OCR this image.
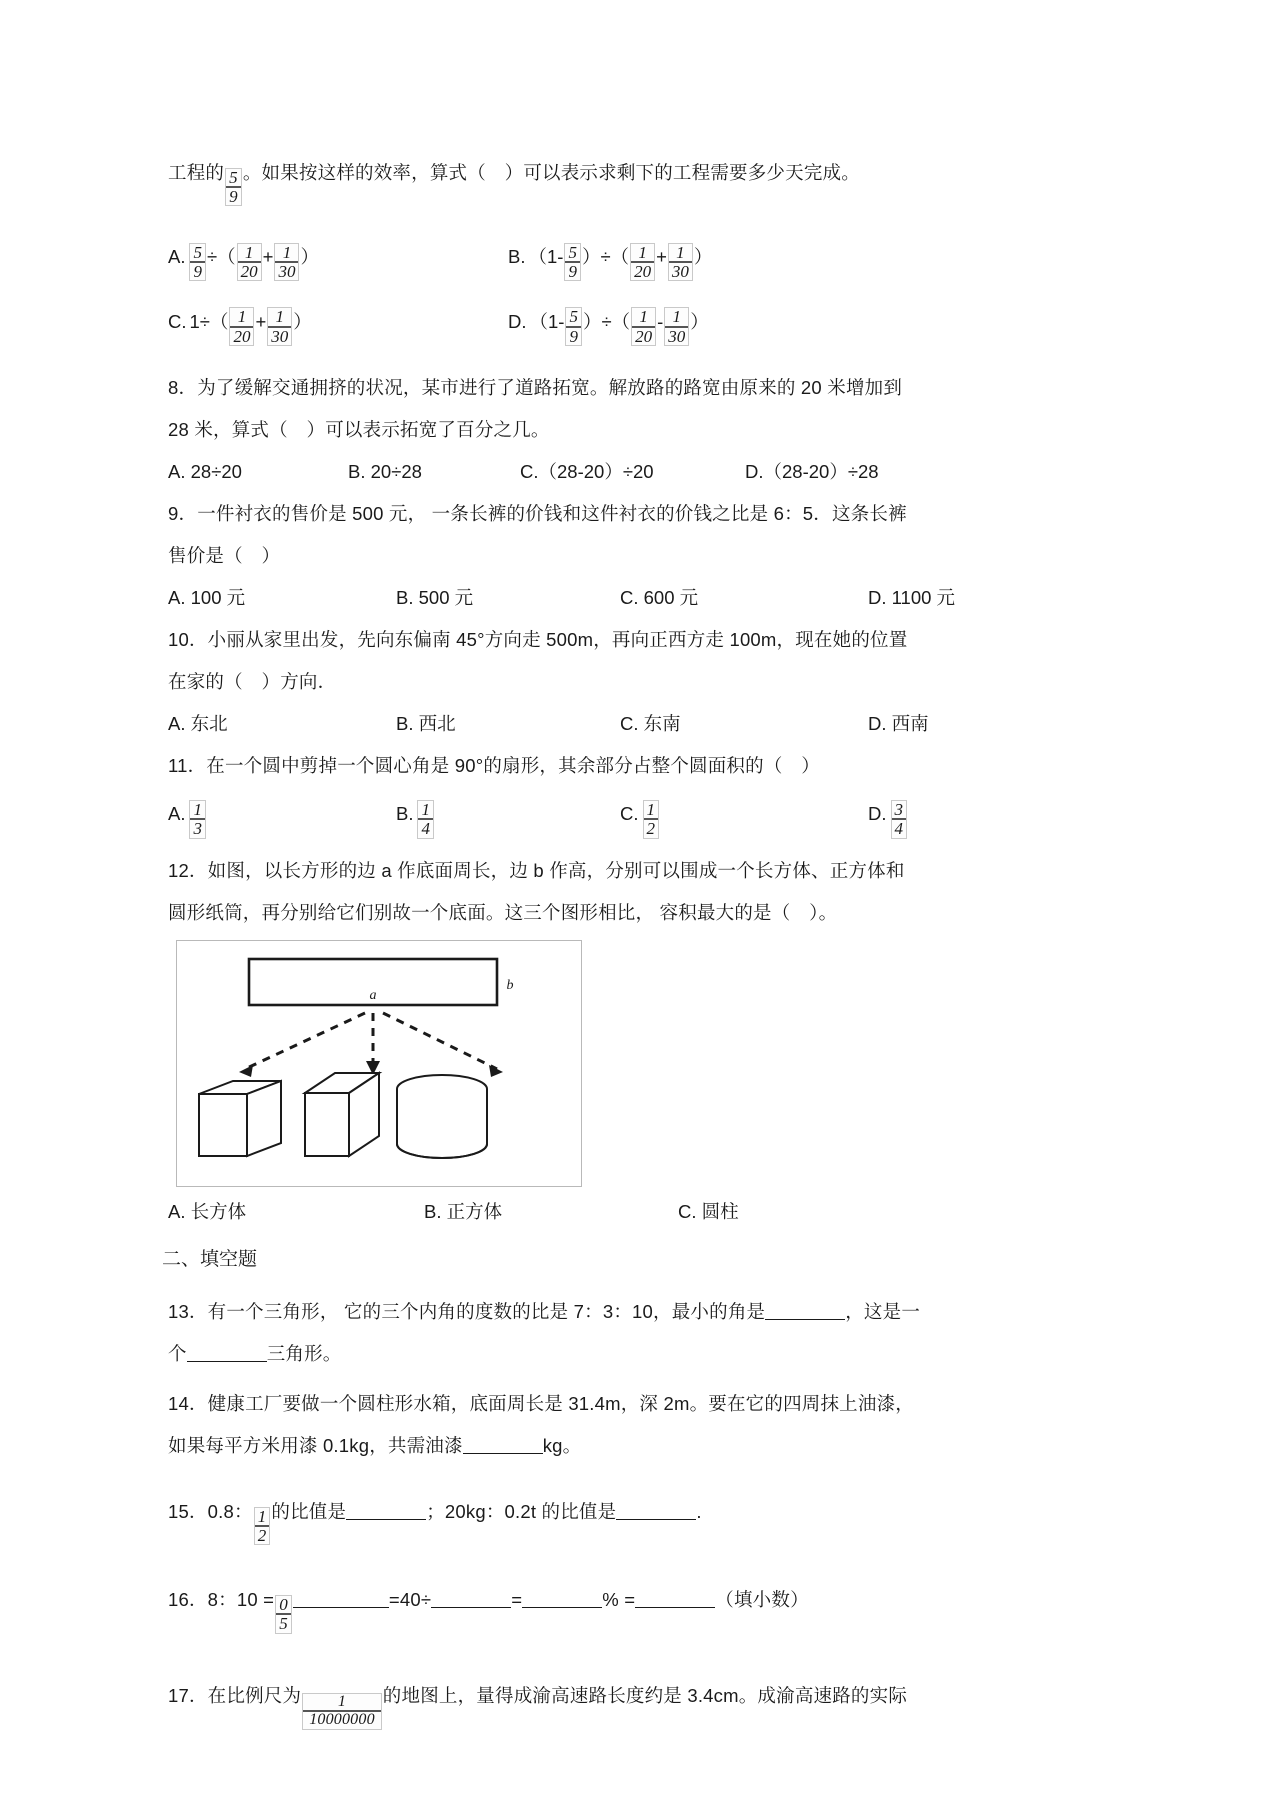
工程的 $\frac{5}{9}$ 。如果按这样的效率，算式（　）可以表示求剩下的工程需要多少天完成。
A. $\frac{5}{9}$ ÷（ $\frac{1}{20} + \frac{1}{30}$ ）	B. （$1- \frac{5}{9}$ ）÷（ $\frac{1}{20} + \frac{1}{30}$ ）
C. $1\div( \frac{1}{20} + \frac{1}{30}$ ）	D. （$1- \frac{5}{9}$ ）÷（ $\frac{1}{20} - \frac{1}{30}$ ）
8．为了缓解交通拥挤的状况，某市进行了道路拓宽。解放路的路宽由原来的 20 米增加到
28 米，算式（　）可以表示拓宽了百分之几。
A. 28÷20	B. 20÷28	C.（28-20）÷20	D.（28-20）÷28
9．一件衬衣的售价是 500 元， 一条长裤的价钱和这件衬衣的价钱之比是 6：5．这条长裤
售价是（　）
A. 100 元	B. 500 元	C. 600 元	D. 1100 元
10．小丽从家里出发，先向东偏南 45°方向走 500m，再向正西方走 100m，现在她的位置
在家的（　）方向．
A. 东北	B. 西北	C. 东南	D. 西南
11．在一个圆中剪掉一个圆心角是 90°的扇形，其余部分占整个圆面积的（　）
A. $\frac{1}{3}$	B. $\frac{1}{4}$	C. $\frac{1}{2}$	D. $\frac{3}{4}$
12．如图，以长方形的边 a 作底面周长，边 b 作高，分别可以围成一个长方体、正方体和
圆形纸筒，再分别给它们别故一个底面。这三个图形相比， 容积最大的是（　）。
a
b
A. 长方体	B. 正方体	C. 圆柱
二、填空题
13．有一个三角形， 它的三个内角的度数的比是 7：3：10，最小的角是	，这是一
个	三角形。
14．健康工厂要做一个圆柱形水箱，底面周长是 31.4m，深 2m。要在它的四周抹上油漆，
如果每平方米用漆 0.1kg，共需油漆	kg。
15．0.8： $\frac{1}{2}$ 的比值是	；20kg：0.2t 的比值是	.
16．8：$10 = \frac{0}{5}$	=40÷	=	% =	（填小数）
17．在比例尺为 $\frac{1}{10000000}$ 的地图上，量得成渝高速路长度约是 3.4cm。成渝高速路的实际
